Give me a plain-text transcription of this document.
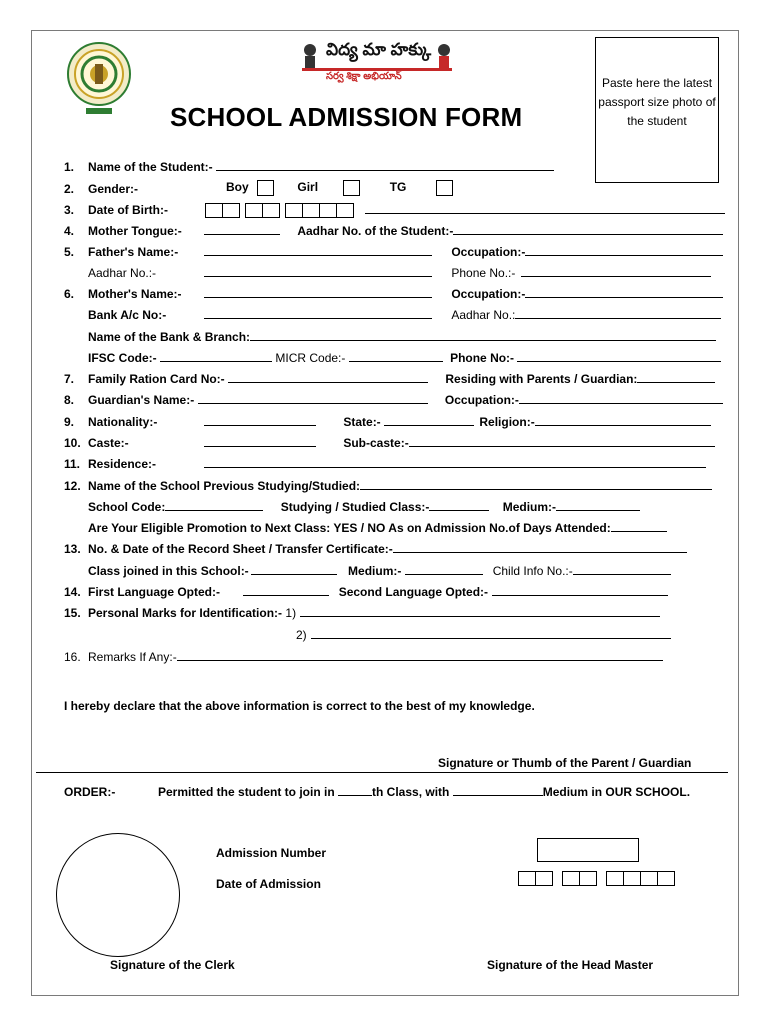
విద్య మా హక్కు
సర్వ శిక్షా అభియాన్
SCHOOL ADMISSION FORM
Paste here the latest passport size photo of the student
1. Name of the Student:-
2. Gender:-	Boy	Girl	TG
3. Date of Birth:-

4. Mother Tongue:-	Aadhar No. of the Student:-
5. Father's Name:-	Occupation:-
Aadhar No.:-	Phone No.:-
6. Mother's Name:-	Occupation:-
Bank A/c No:-	Aadhar No.:
Name of the Bank & Branch:
IFSC Code:-	MICR Code:-	Phone No:-
7. Family Ration Card No:-	Residing with Parents / Guardian:
8. Guardian's Name:-	Occupation:-
9. Nationality:-	State:-	Religion:-
10. Caste:-	Sub-caste:-
11. Residence:-
12. Name of the School Previous Studying/Studied:
School Code:	Studying / Studied Class:-	Medium:-
Are Your Eligible Promotion to Next Class: YES / NO As on Admission No.of Days Attended:
13. No. & Date of the Record Sheet / Transfer Certificate:-
Class joined in this School:-	Medium:-	Child Info No.:-
14. First Language Opted:-	Second Language Opted:-
15. Personal Marks for Identification:- 1)
2)
16. Remarks If Any:-
I hereby declare that the above information is correct to the best of my knowledge.
Signature or Thumb of the Parent / Guardian
ORDER:-	Permitted the student to join in	th Class, with	Medium in OUR SCHOOL.
Admission Number
Date of Admission
Signature of the Clerk	Signature of the Head Master
